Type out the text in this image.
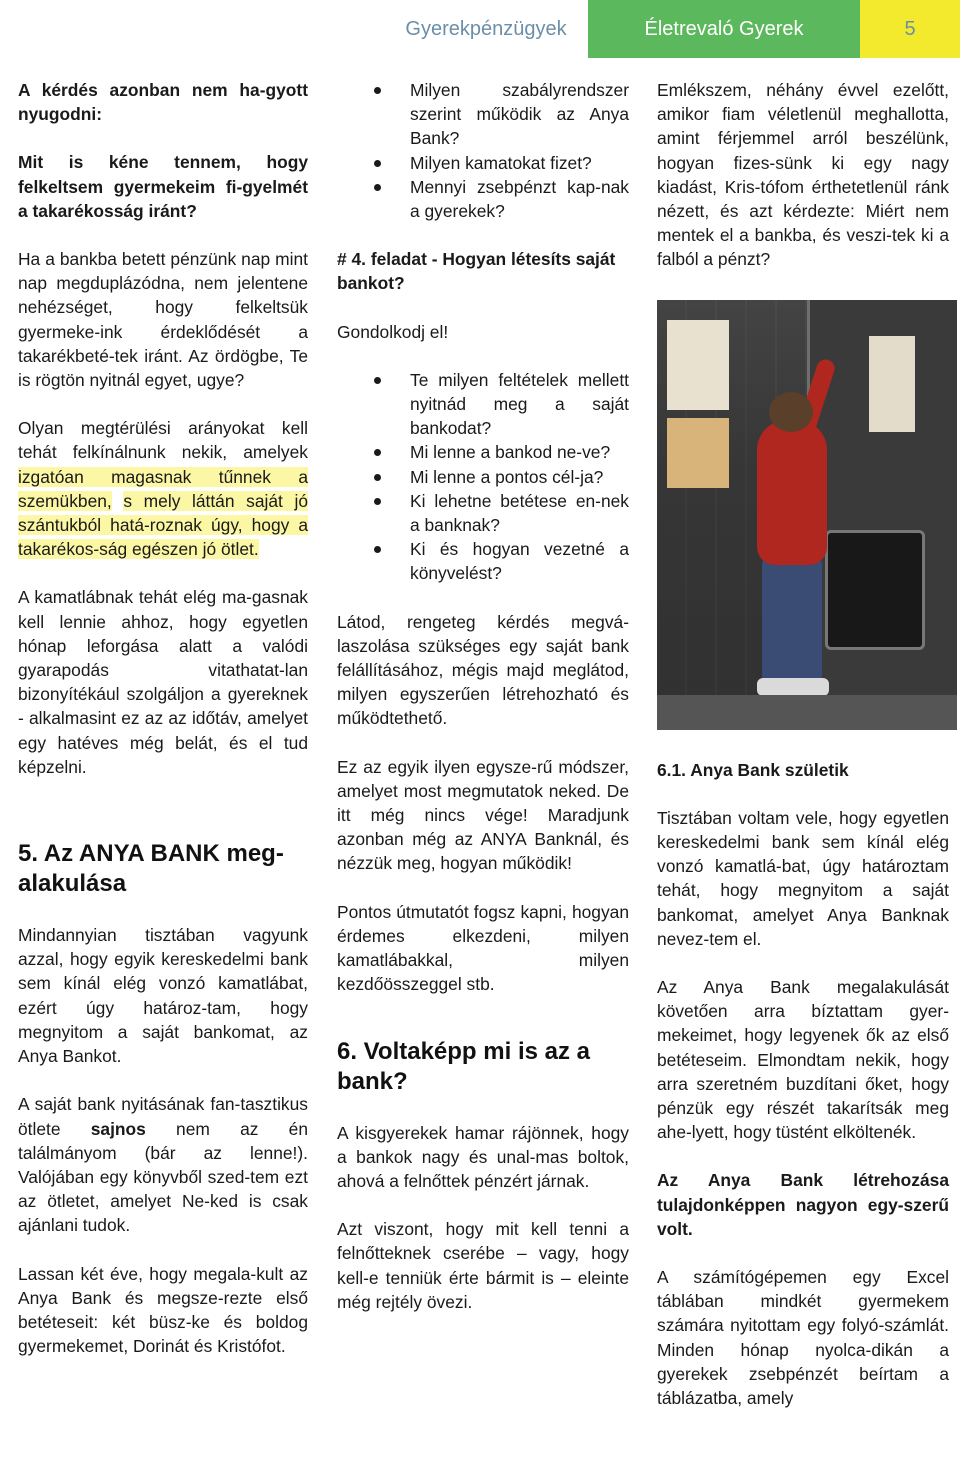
Gyerekpénzügyek	Életrevaló Gyerek	5

A kérdés azonban nem ha-gyott nyugodni:

Mit is kéne tennem, hogy felkeltsem gyermekeim fi-gyelmét a takarékosság iránt?

Ha a bankba betett pénzünk nap mint nap megduplázódna, nem jelentene nehézséget, hogy felkeltsük gyermeke-ink érdeklődését a takarékbeté-tek iránt. Az ördögbe, Te is rögtön nyitnál egyet, ugye?

Olyan megtérülési arányokat kell tehát felkínálnunk nekik, amelyek izgatóan magasnak tűnnek a szemükben, s mely láttán saját jó szántukból hatá-roznak úgy, hogy a takarékos-ság egészen jó ötlet.

A kamatlábnak tehát elég ma-gasnak kell lennie ahhoz, hogy egyetlen hónap leforgása alatt a valódi gyarapodás vitathatat-lan bizonyítékául szolgáljon a gyereknek - alkalmasint ez az az időtáv, amelyet egy hatéves még belát, és el tud képzelni.

5. Az ANYA BANK meg-alakulása

Mindannyian tisztában vagyunk azzal, hogy egyik kereskedelmi bank sem kínál elég vonzó kamatlábat, ezért úgy határoz-tam, hogy megnyitom a saját bankomat, az Anya Bankot.

A saját bank nyitásának fan-tasztikus ötlete sajnos nem az én találmányom (bár az lenne!). Valójában egy könyvből szed-tem ezt az ötletet, amelyet Ne-ked is csak ajánlani tudok.

Lassan két éve, hogy megala-kult az Anya Bank és megsze-rezte első betéteseit: két büsz-ke és boldog gyermekemet, Dorinát és Kristófot.

Milyen szabályrendszer szerint működik az Anya Bank?
Milyen kamatokat fizet?
Mennyi zsebpénzt kap-nak a gyerekek?

# 4. feladat - Hogyan létesíts saját bankot?

Gondolkodj el!

Te milyen feltételek mellett nyitnád meg a saját bankodat?
Mi lenne a bankod ne-ve?
Mi lenne a pontos cél-ja?
Ki lehetne betétese en-nek a banknak?
Ki és hogyan vezetné a könyvelést?

Látod, rengeteg kérdés megvá-laszolása szükséges egy saját bank felállításához, mégis majd meglátod, milyen egyszerűen létrehozható és működtethető.

Ez az egyik ilyen egysze-rű módszer, amelyet most megmutatok neked. De itt még nincs vége! Maradjunk azonban még az ANYA Banknál, és nézzük meg, hogyan működik!

Pontos útmutatót fogsz kapni, hogyan érdemes elkezdeni, milyen kamatlábakkal, milyen kezdőösszeggel stb.

6. Voltaképp mi is az a bank?

A kisgyerekek hamar rájönnek, hogy a bankok nagy és unal-mas boltok, ahová a felnőttek pénzért járnak.

Azt viszont, hogy mit kell tenni a felnőtteknek cserébe – vagy, hogy kell-e tenniük érte bármit is – eleinte még rejtély övezi.

Emlékszem, néhány évvel ezelőtt, amikor fiam véletlenül meghallotta, amint férjemmel arról beszélünk, hogyan fizes-sünk ki egy nagy kiadást, Kris-tófom érthetetlenül ránk nézett, és azt kérdezte: Miért nem mentek el a bankba, és veszi-tek ki a falból a pénzt?

6.1. Anya Bank születik

Tisztában voltam vele, hogy egyetlen kereskedelmi bank sem kínál elég vonzó kamatlá-bat, úgy határoztam tehát, hogy megnyitom a saját bankomat, amelyet Anya Banknak nevez-tem el.

Az Anya Bank megalakulását követően arra bíztattam gyer-mekeimet, hogy legyenek ők az első betéteseim. Elmondtam nekik, hogy arra szeretném buzdítani őket, hogy pénzük egy részét takarítsák meg ahe-lyett, hogy tüstént elköltenék.

Az Anya Bank létrehozása tulajdonképpen nagyon egy-szerű volt.

A számítógépemen egy Excel táblában mindkét gyermekem számára nyitottam egy folyó-számlát. Minden hónap nyolca-dikán a gyerekek zsebpénzét beírtam a táblázatba, amely
